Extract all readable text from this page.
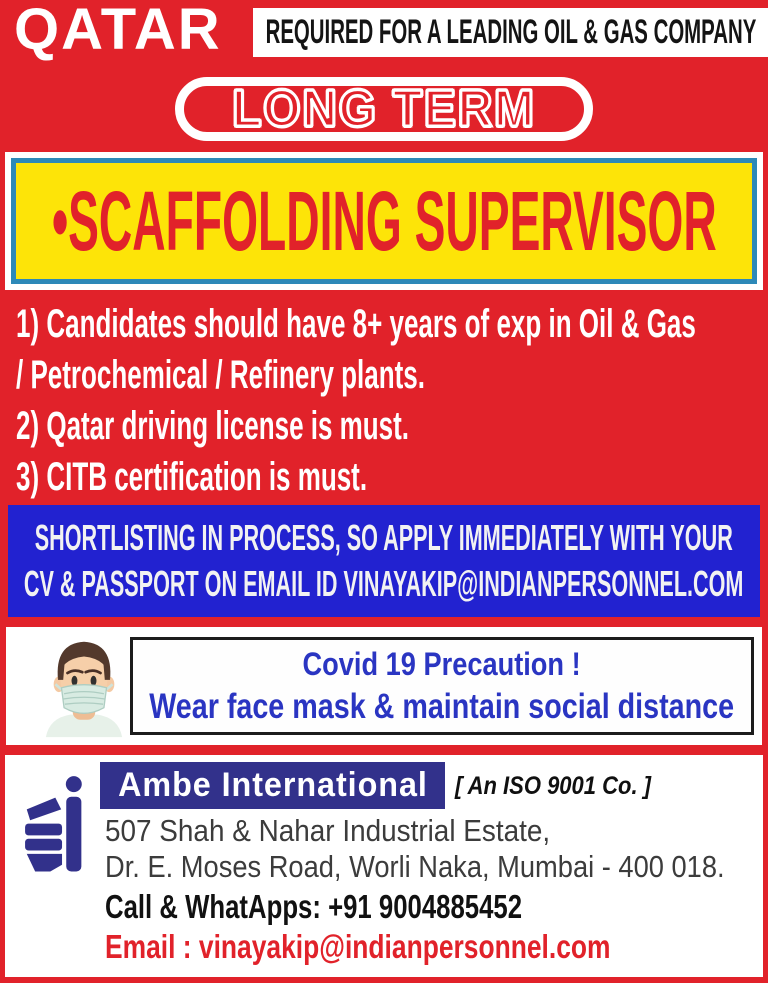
QATAR REQUIRED FOR A LEADING OIL & GAS COMPANY
LONG TERM
•SCAFFOLDING SUPERVISOR
1) Candidates should have 8+ years of exp in Oil & Gas
/ Petrochemical / Refinery plants.
2) Qatar driving license is must.
3) CITB certification is must.
SHORTLISTING IN PROCESS, SO APPLY IMMEDIATELY WITH YOUR
CV & PASSPORT ON EMAIL ID VINAYAKIP@INDIANPERSONNEL.COM
Covid 19 Precaution !
Wear face mask & maintain social distance
Ambe International [ An ISO 9001 Co. ]
507 Shah & Nahar Industrial Estate,
Dr. E. Moses Road, Worli Naka, Mumbai - 400 018.
Call & WhatApps: +91 9004885452
Email : vinayakip@indianpersonnel.com
